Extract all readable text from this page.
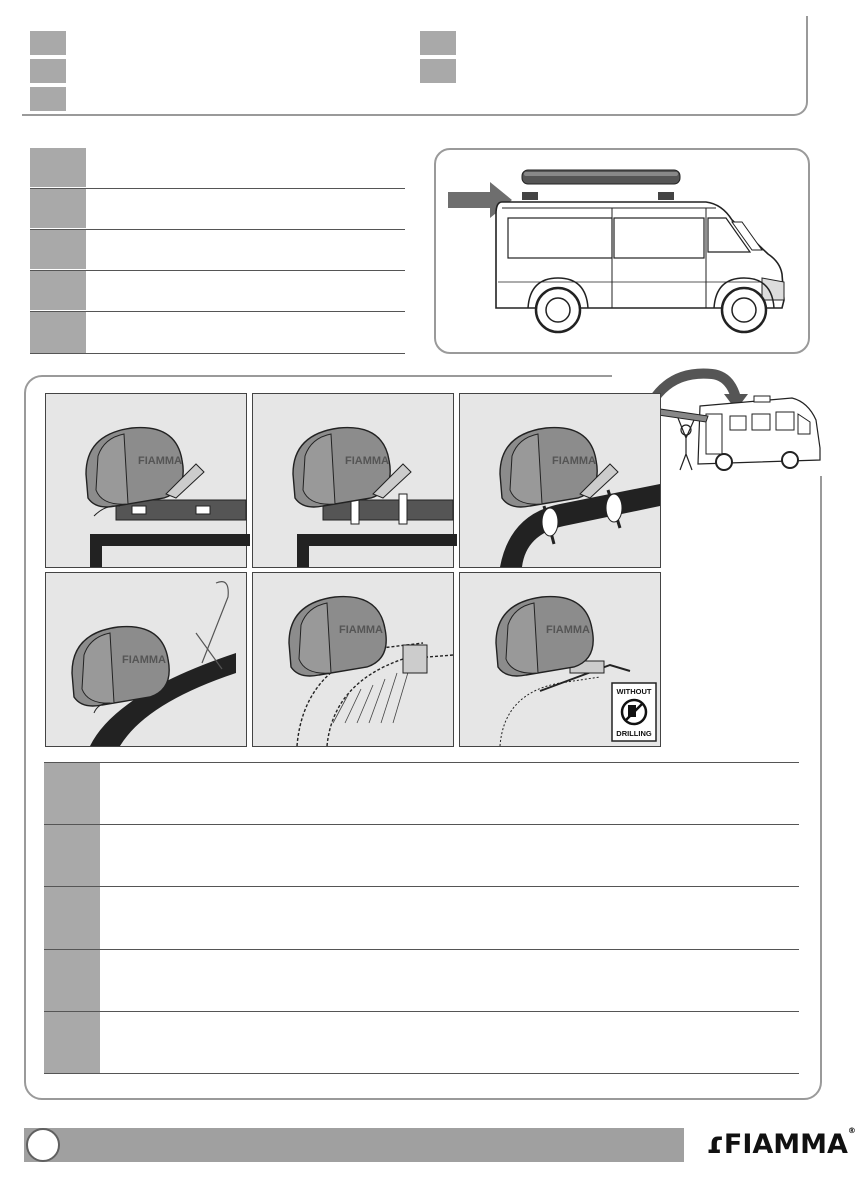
FIAMMA	FIAMMA	FIAMMA
FIAMMA
FIAMMA	FIAMMA
WITHOUT
DRILLING
ɾFIAMMA®
